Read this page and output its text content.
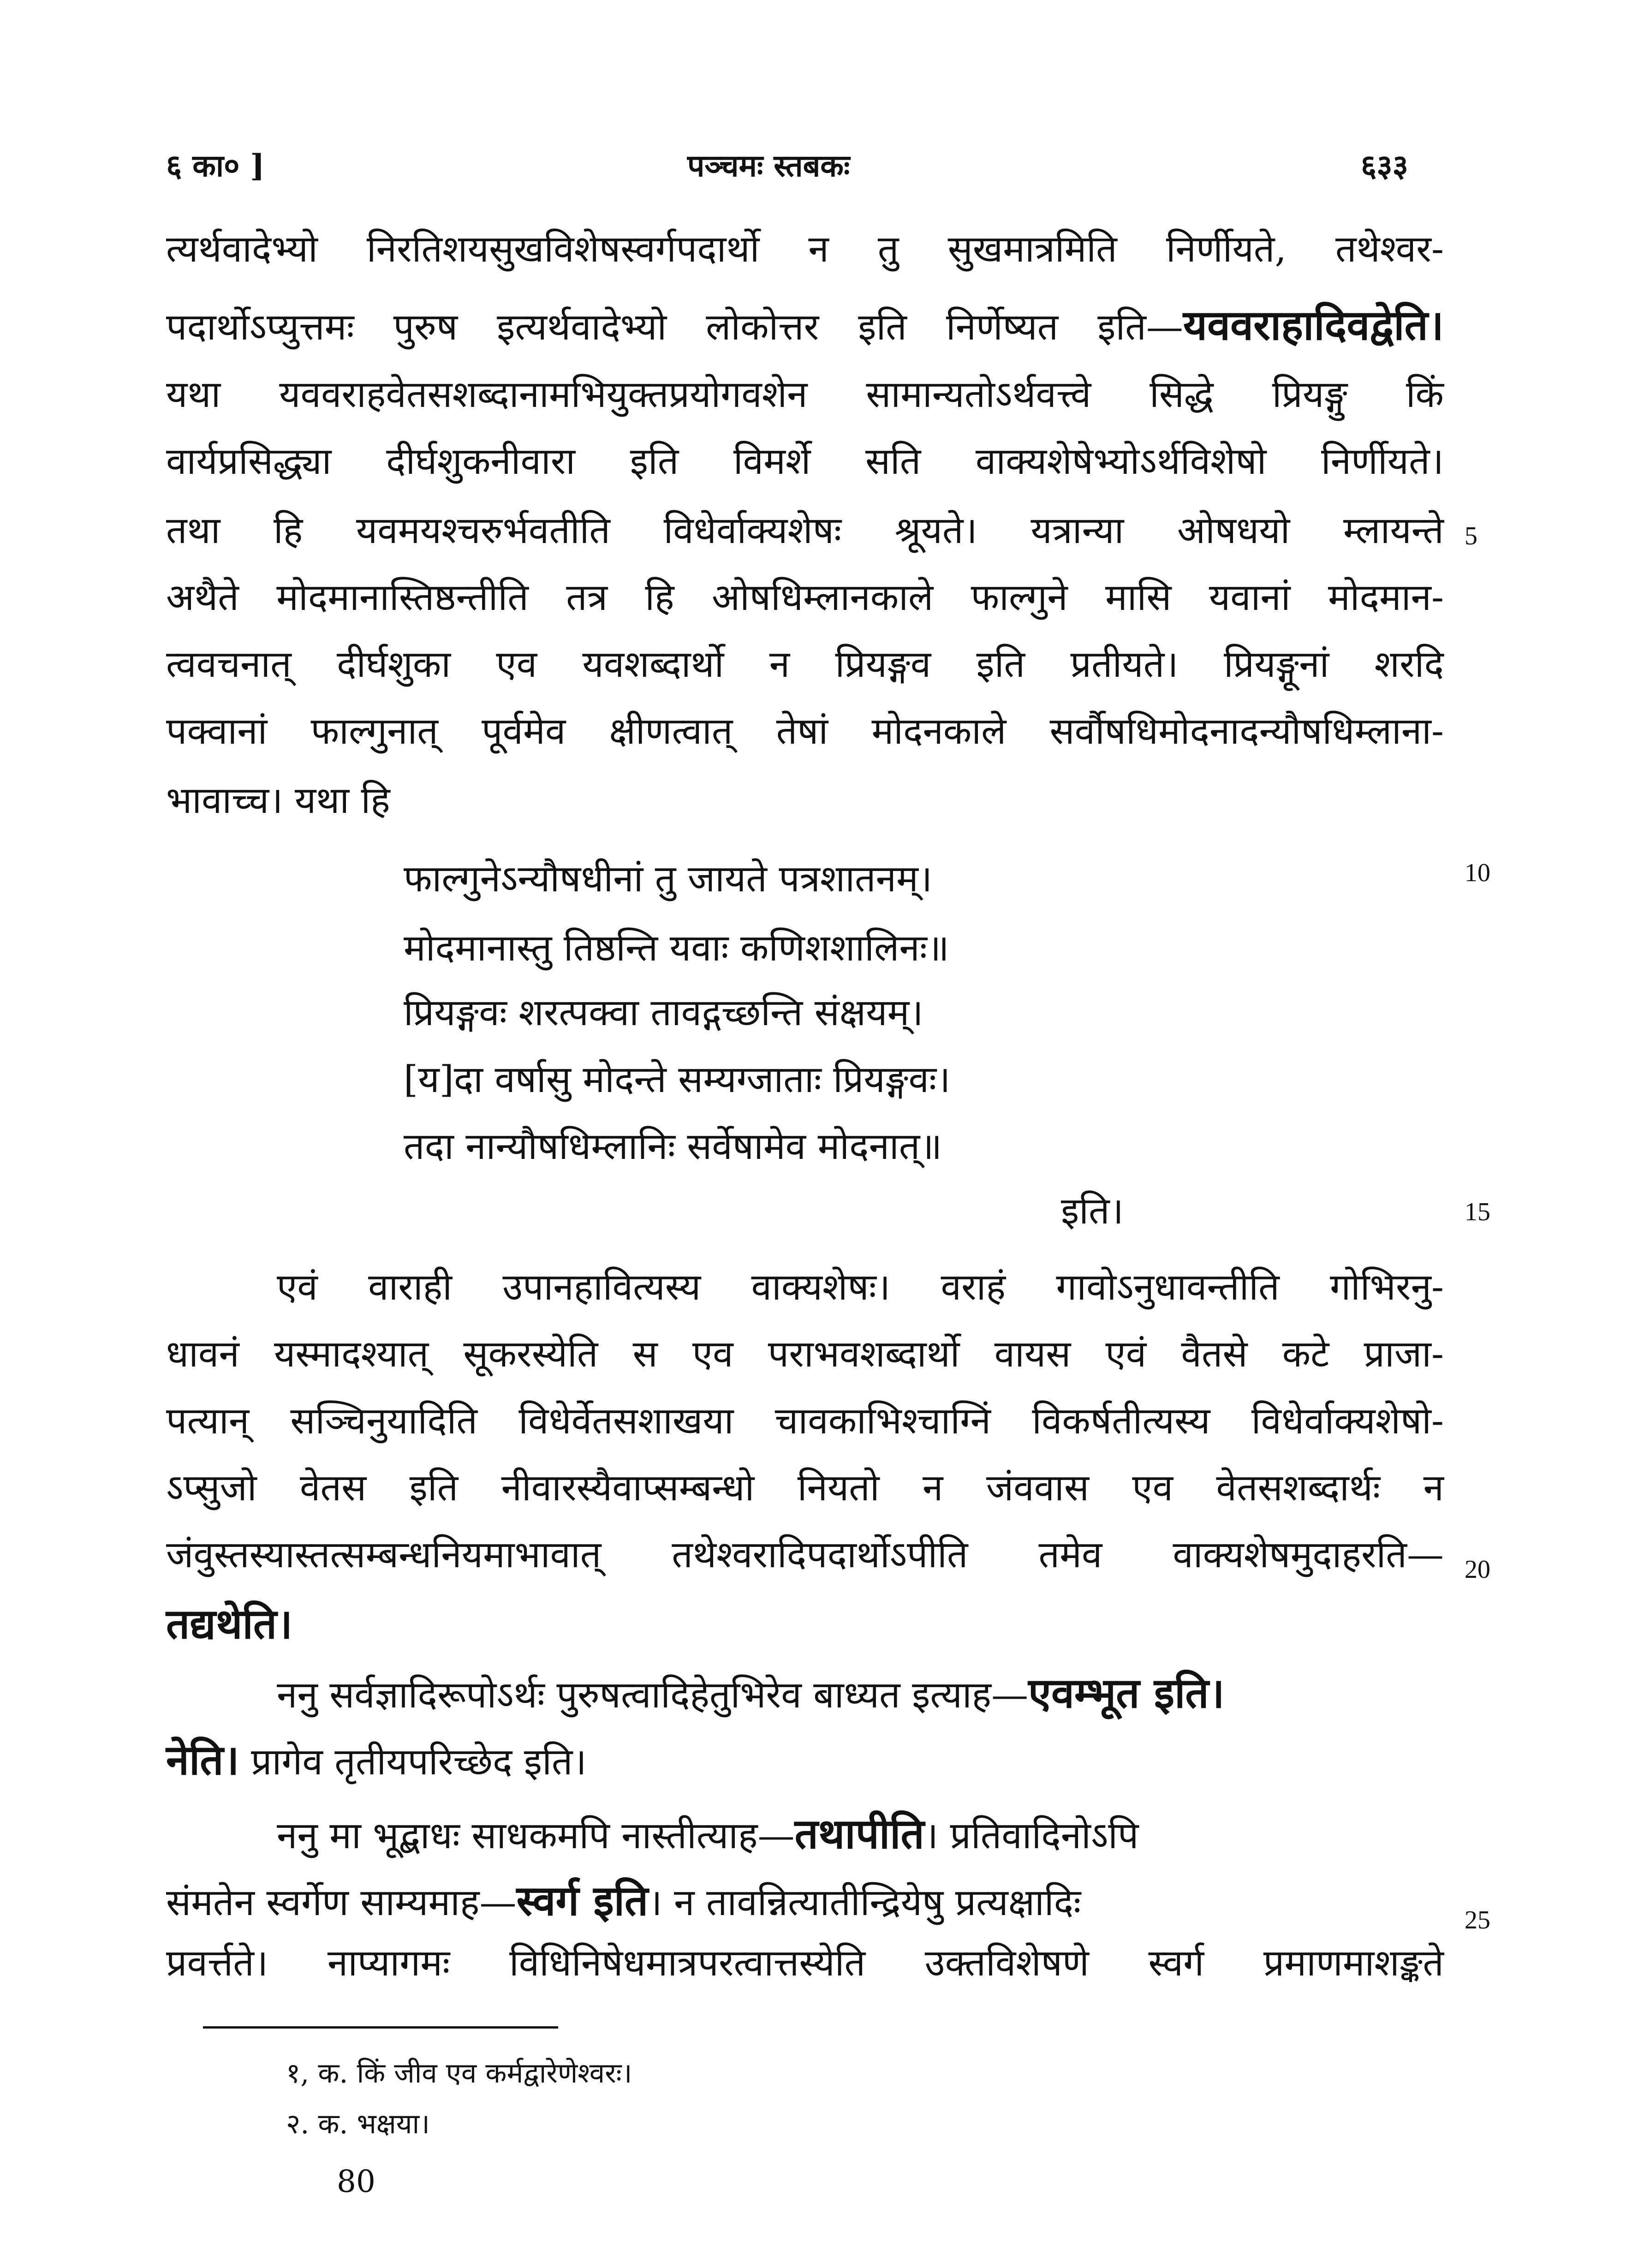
६ का० ]	पञ्चमः स्तबकः	६३३
त्यर्थवादेभ्यो निरतिशयसुखविशेषस्वर्गपदार्थो न तु सुखमात्रमिति निर्णीयते, तथेश्वर-
पदार्थोऽप्युत्तमः पुरुष इत्यर्थवादेभ्यो लोकोत्तर इति निर्णेष्यत इति—यववराहादिवद्वेति।
यथा यववराहवेतसशब्दानामभियुक्तप्रयोगवशेन सामान्यतोऽर्थवत्त्वे सिद्धे प्रियङ्गु किं
वार्यप्रसिद्ध्या दीर्घशुकनीवारा इति विमर्शे सति वाक्यशेषेभ्योऽर्थविशेषो निर्णीयते।
तथा हि यवमयश्चरुर्भवतीति विधेर्वाक्यशेषः श्रूयते। यत्रान्या ओषधयो म्लायन्ते
अथैते मोदमानास्तिष्ठन्तीति तत्र हि ओषधिम्लानकाले फाल्गुने मासि यवानां मोदमान-
त्ववचनात् दीर्घशुका एव यवशब्दार्थो न प्रियङ्गव इति प्रतीयते। प्रियङ्गूनां शरदि
पक्वानां फाल्गुनात् पूर्वमेव क्षीणत्वात् तेषां मोदनकाले सर्वौषधिमोदनादन्यौषधिम्लाना-
भावाच्च। यथा हि
फाल्गुनेऽन्यौषधीनां तु जायते पत्रशातनम्।
मोदमानास्तु तिष्ठन्ति यवाः कणिशशालिनः॥
प्रियङ्गवः शरत्पक्वा तावद्गच्छन्ति संक्षयम्।
[य]दा वर्षासु मोदन्ते सम्यग्जाताः प्रियङ्गवः।
तदा नान्यौषधिम्लानिः सर्वेषामेव मोदनात्॥
इति।
एवं वाराही उपानहावित्यस्य वाक्यशेषः। वराहं गावोऽनुधावन्तीति गोभिरनु-
धावनं यस्मादश्यात् सूकरस्येति स एव पराभवशब्दार्थो वायस एवं वैतसे कटे प्राजा-
पत्यान् सञ्चिनुयादिति विधेर्वेतसशाखया चावकाभिश्चाग्निं विकर्षतीत्यस्य विधेर्वाक्यशेषो-
ऽप्सुजो वेतस इति नीवारस्यैवाप्सम्बन्धो नियतो न जंववास एव वेतसशब्दार्थः न
जंवुस्तस्यास्तत्सम्बन्धनियमाभावात् तथेश्वरादिपदार्थोऽपीति तमेव वाक्यशेषमुदाहरति—
तद्यथेति।
ननु सर्वज्ञादिरूपोऽर्थः पुरुषत्वादिहेतुभिरेव बाध्यत इत्याह—एवम्भूत इति।
नेति। प्रागेव तृतीयपरिच्छेद इति।
ननु मा भूद्बाधः साधकमपि नास्तीत्याह—तथापीति। प्रतिवादिनोऽपि
संमतेन स्वर्गेण साम्यमाह—स्वर्ग इति। न तावन्नित्यातीन्द्रियेषु प्रत्यक्षादिः
प्रवर्त्तते। नाप्यागमः विधिनिषेधमात्रपरत्वात्तस्येति उक्तविशेषणे स्वर्ग प्रमाणमाशङ्कते
5
10
15
20
25
१, क. किं जीव एव कर्मद्वारेणेश्वरः।
२. क. भक्षया।
80
